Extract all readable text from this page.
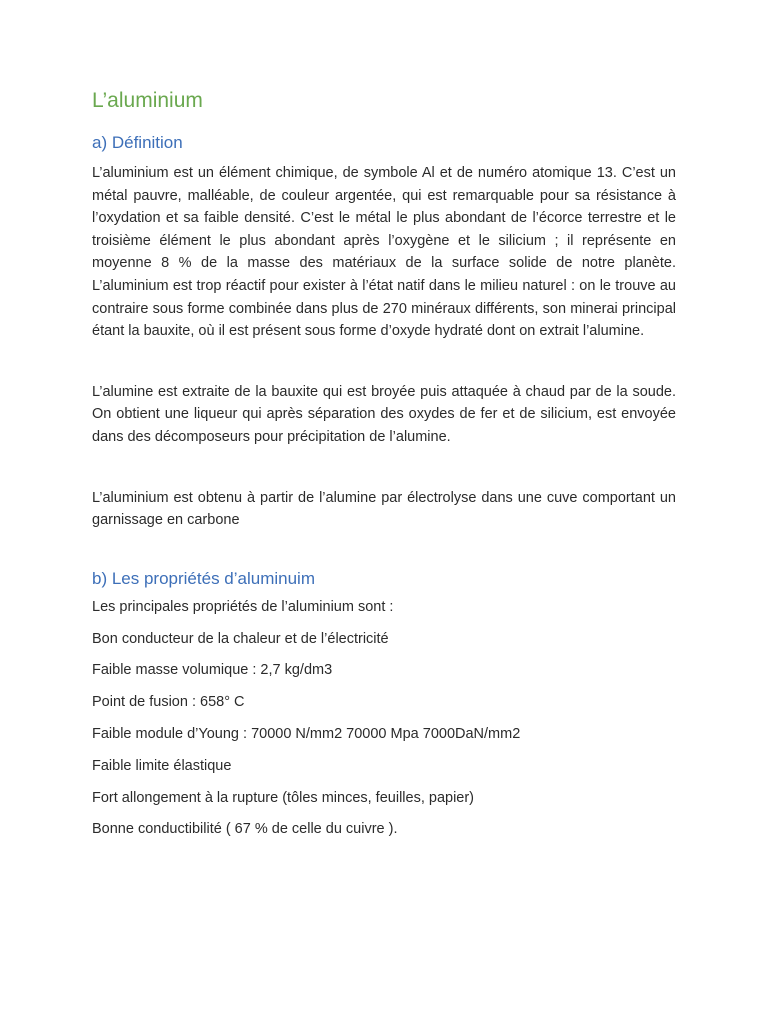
L’aluminium
a) Définition

L’aluminium est un élément chimique, de symbole Al et de numéro atomique 13. C’est un métal pauvre, malléable, de couleur argentée, qui est remarquable pour sa résistance à l’oxydation et sa faible densité. C’est le métal le plus abondant de l’écorce terrestre et le troisième élément le plus abondant après l’oxygène et le silicium ; il représente en moyenne 8 % de la masse des matériaux de la surface solide de notre planète. L’aluminium est trop réactif pour exister à l’état natif dans le milieu naturel : on le trouve au contraire sous forme combinée dans plus de 270 minéraux différents, son minerai principal étant la bauxite, où il est présent sous forme d’oxyde hydraté dont on extrait l’alumine.

L’alumine est extraite de la bauxite qui est broyée puis attaquée à chaud par de la soude. On obtient une liqueur qui après séparation des oxydes de fer et de silicium, est envoyée dans des décomposeurs pour précipitation de l’alumine.

L’aluminium est obtenu à partir de l’alumine par électrolyse dans une cuve comportant un garnissage en carbone

b) Les propriétés d’aluminuim
Les principales propriétés de l’aluminium sont :
Bon conducteur de la chaleur et de l’électricité
Faible masse volumique : 2,7 kg/dm3
Point de fusion : 658° C
Faible module d’Young : 70000 N/mm2 70000 Mpa 7000DaN/mm2
Faible limite élastique
Fort allongement à la rupture (tôles minces, feuilles, papier)
Bonne conductibilité ( 67 % de celle du cuivre ).
